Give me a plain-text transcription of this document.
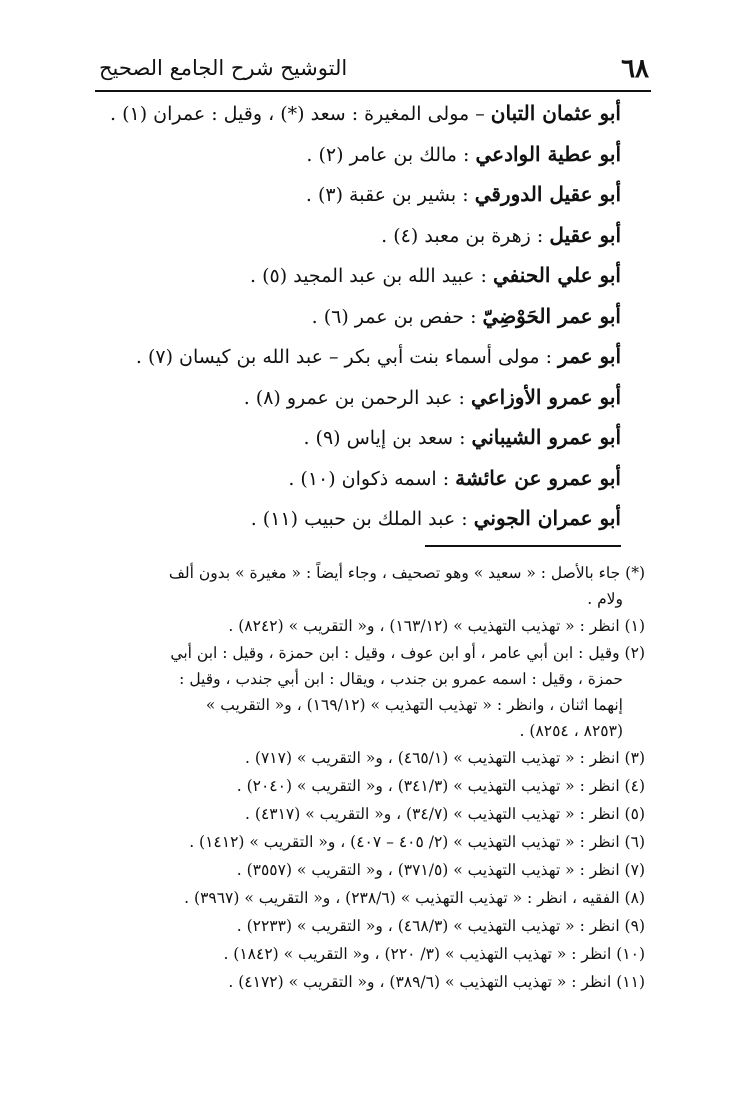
٦٨
التوشيح شرح الجامع الصحيح
أبو عثمان التبان – مولى المغيرة : سعد (*) ، وقيل : عمران (١) .
أبو عطية الوادعي : مالك بن عامر (٢) .
أبو عقيل الدورقي : بشير بن عقبة (٣) .
أبو عقيل : زهرة بن معبد (٤) .
أبو علي الحنفي : عبيد الله بن عبد المجيد (٥) .
أبو عمر الحَوْضِيّ : حفص بن عمر (٦) .
أبو عمر : مولى أسماء بنت أبي بكر – عبد الله بن كيسان (٧) .
أبو عمرو الأوزاعي : عبد الرحمن بن عمرو (٨) .
أبو عمرو الشيباني : سعد بن إياس (٩) .
أبو عمرو عن عائشة : اسمه ذكوان (١٠) .
أبو عمران الجوني : عبد الملك بن حبيب (١١) .
(*) جاء بالأصل : « سعيد » وهو تصحيف ، وجاء أيضاً : « مغيرة » بدون ألف
ولام .
(١) انظر : « تهذيب التهذيب » (١٦٣/١٢) ، و« التقريب » (٨٢٤٢) .
(٢) وقيل : ابن أبي عامر ، أو ابن عوف ، وقيل : ابن حمزة ، وقيل : ابن أبي
حمزة ، وقيل : اسمه عمرو بن جندب ، ويقال : ابن أبي جندب ، وقيل :
إنهما اثنان ، وانظر : « تهذيب التهذيب » (١٦٩/١٢) ، و« التقريب »
(٨٢٥٣ ، ٨٢٥٤) .
(٣) انظر : « تهذيب التهذيب » (٤٦٥/١) ، و« التقريب » (٧١٧) .
(٤) انظر : « تهذيب التهذيب » (٣٤١/٣) ، و« التقريب » (٢٠٤٠) .
(٥) انظر : « تهذيب التهذيب » (٣٤/٧) ، و« التقريب » (٤٣١٧) .
(٦) انظر : « تهذيب التهذيب » (٢/ ٤٠٥ – ٤٠٧) ، و« التقريب » (١٤١٢) .
(٧) انظر : « تهذيب التهذيب » (٣٧١/٥) ، و« التقريب » (٣٥٥٧) .
(٨) الفقيه ، انظر : « تهذيب التهذيب » (٢٣٨/٦) ، و« التقريب » (٣٩٦٧) .
(٩) انظر : « تهذيب التهذيب » (٤٦٨/٣) ، و« التقريب » (٢٢٣٣) .
(١٠) انظر : « تهذيب التهذيب » (٣/ ٢٢٠) ، و« التقريب » (١٨٤٢) .
(١١) انظر : « تهذيب التهذيب » (٣٨٩/٦) ، و« التقريب » (٤١٧٢) .
